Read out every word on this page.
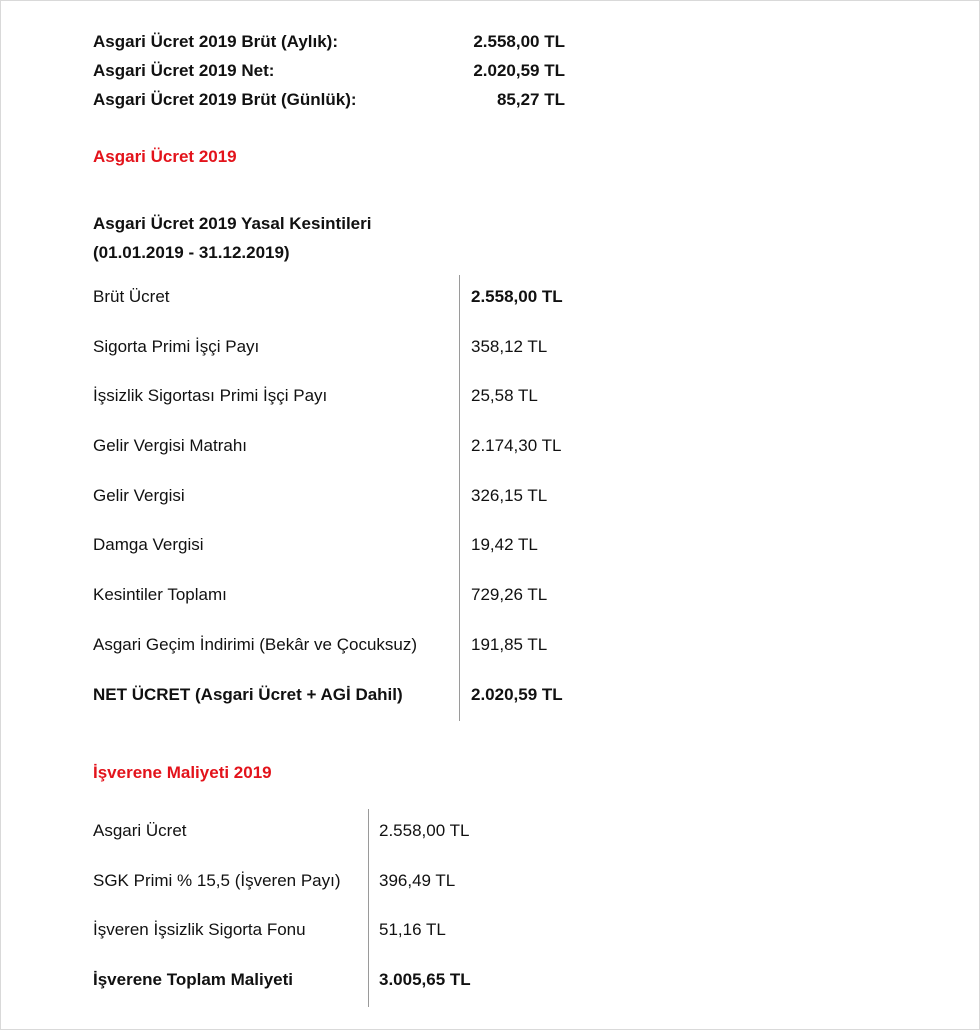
Asgari Ücret 2019 Brüt (Aylık):	2.558,00 TL
Asgari Ücret 2019 Net:	2.020,59 TL
Asgari Ücret 2019 Brüt (Günlük):	85,27 TL
Asgari Ücret 2019
Asgari Ücret 2019 Yasal Kesintileri
(01.01.2019 - 31.12.2019)
Brüt Ücret	2.558,00 TL
Sigorta Primi İşçi Payı	358,12 TL
İşsizlik Sigortası Primi İşçi Payı	25,58 TL
Gelir Vergisi Matrahı	2.174,30 TL
Gelir Vergisi	326,15 TL
Damga Vergisi	19,42 TL
Kesintiler Toplamı	729,26 TL
Asgari Geçim İndirimi (Bekâr ve Çocuksuz)	191,85 TL
NET ÜCRET (Asgari Ücret + AGİ Dahil)	2.020,59 TL
İşverene Maliyeti 2019
Asgari Ücret	2.558,00 TL
SGK Primi % 15,5 (İşveren Payı) 396,49 TL
İşveren İşsizlik Sigorta Fonu	51,16 TL
İşverene Toplam Maliyeti	3.005,65 TL
